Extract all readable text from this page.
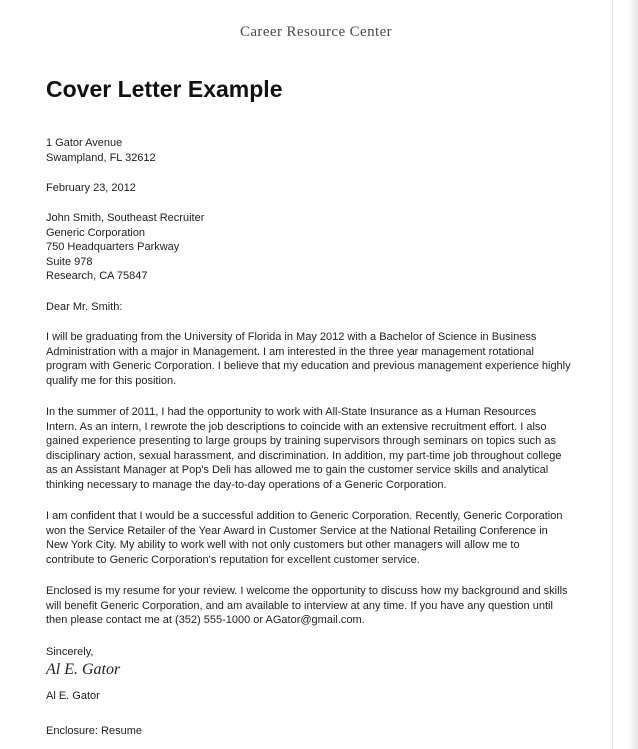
Career Resource Center
Cover Letter Example
1 Gator Avenue
Swampland, FL 32612
February 23, 2012
John Smith, Southeast Recruiter
Generic Corporation
750 Headquarters Parkway
Suite 978
Research, CA 75847
Dear Mr. Smith:
I will be graduating from the University of Florida in May 2012 with a Bachelor of Science in Business
Administration with a major in Management. I am interested in the three year management rotational
program with Generic Corporation. I believe that my education and previous management experience highly
qualify me for this position.
In the summer of 2011, I had the opportunity to work with All-State Insurance as a Human Resources
Intern. As an intern, I rewrote the job descriptions to coincide with an extensive recruitment effort. I also
gained experience presenting to large groups by training supervisors through seminars on topics such as
disciplinary action, sexual harassment, and discrimination. In addition, my part-time job throughout college
as an Assistant Manager at Pop's Deli has allowed me to gain the customer service skills and analytical
thinking necessary to manage the day-to-day operations of a Generic Corporation.
I am confident that I would be a successful addition to Generic Corporation. Recently, Generic Corporation
won the Service Retailer of the Year Award in Customer Service at the National Retailing Conference in
New York City. My ability to work well with not only customers but other managers will allow me to
contribute to Generic Corporation's reputation for excellent customer service.
Enclosed is my resume for your review. I welcome the opportunity to discuss how my background and skills
will benefit Generic Corporation, and am available to interview at any time. If you have any question until
then please contact me at (352) 555-1000 or AGator@gmail.com.
Sincerely,
Al E. Gator
Al E. Gator
Enclosure: Resume
